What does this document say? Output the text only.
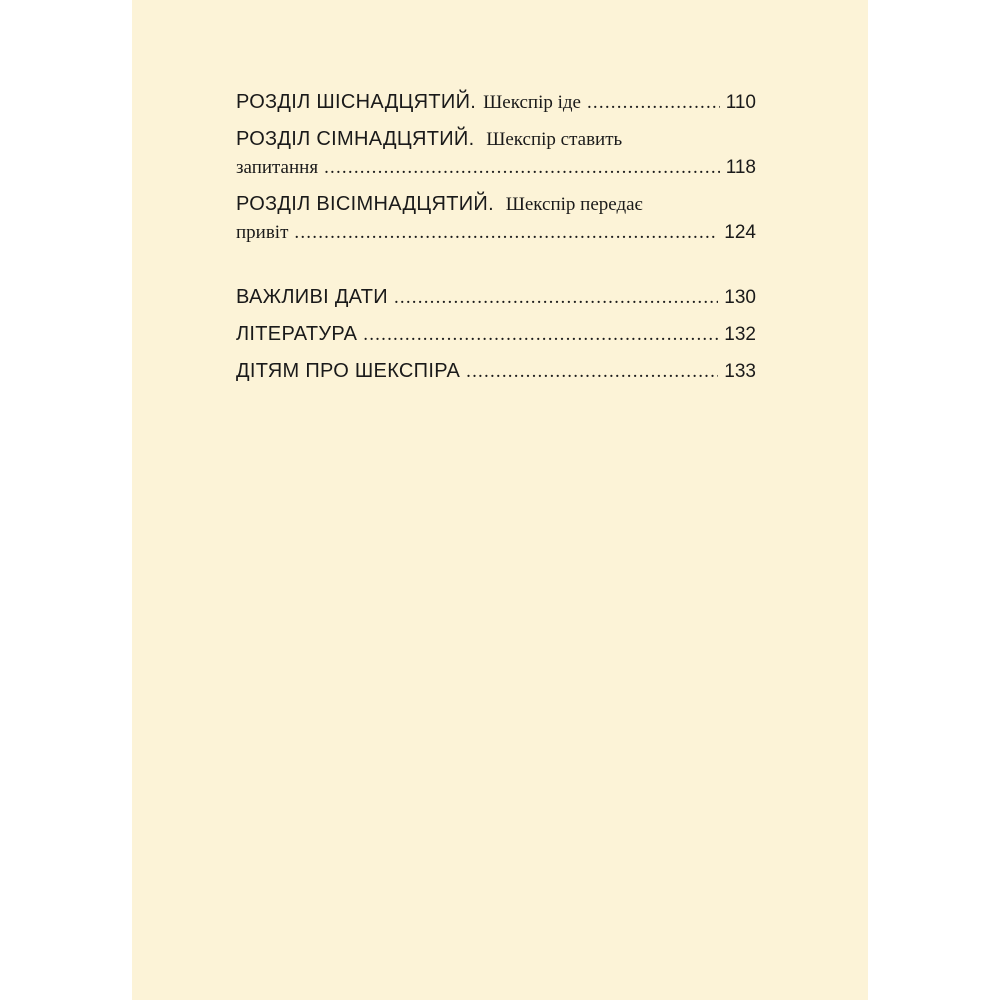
РОЗДІЛ ШІСНАДЦЯТИЙ. Шекспір іде .....	110
РОЗДІЛ СІМНАДЦЯТИЙ. Шекспір ставить
запитання .....	118
РОЗДІЛ ВІСІМНАДЦЯТИЙ. Шекспір передає
привіт .....	124
ВАЖЛИВІ ДАТИ .....	130
ЛІТЕРАТУРА .....	132
ДІТЯМ ПРО ШЕКСПІРА .....	133
